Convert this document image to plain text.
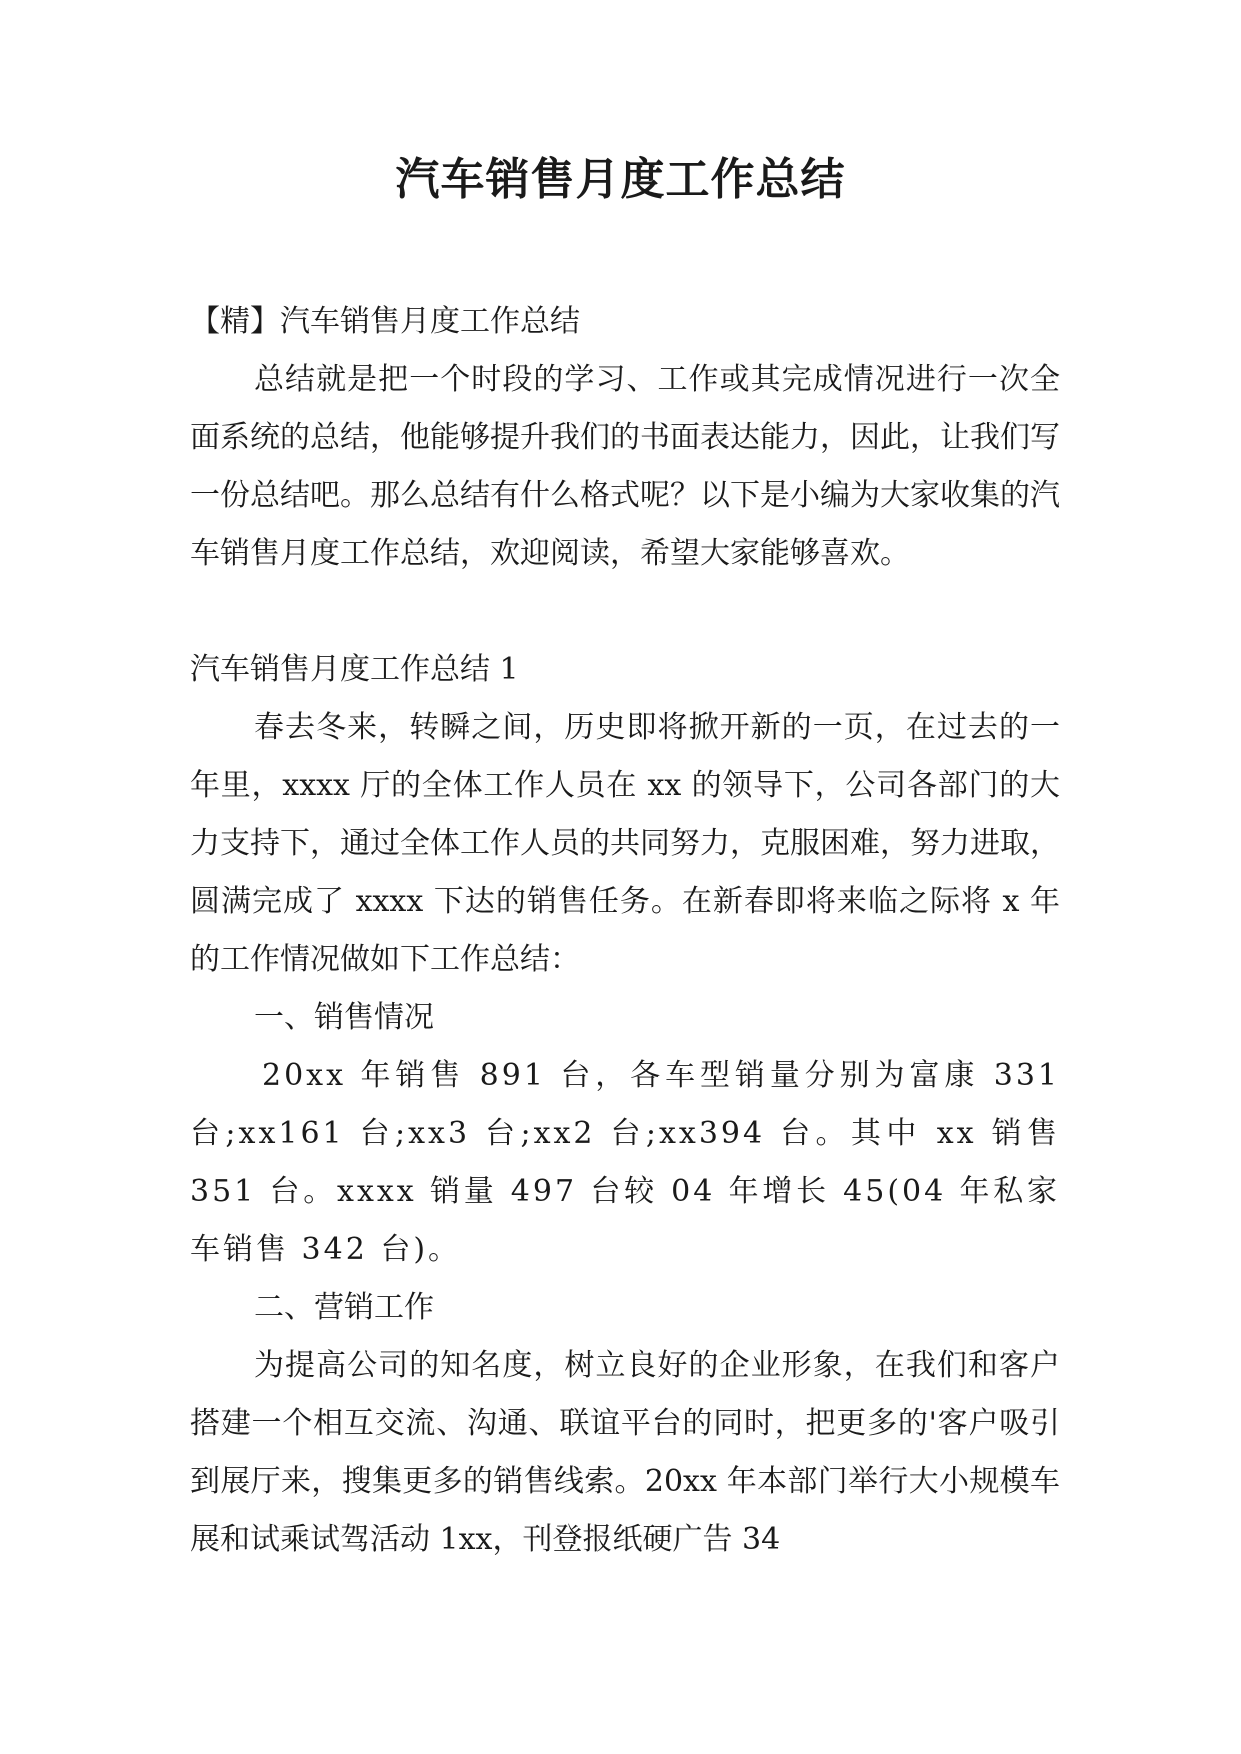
汽车销售月度工作总结

【精】汽车销售月度工作总结

总结就是把一个时段的学习、工作或其完成情况进行一次全面系统的总结，他能够提升我们的书面表达能力，因此，让我们写一份总结吧。那么总结有什么格式呢？以下是小编为大家收集的汽车销售月度工作总结，欢迎阅读，希望大家能够喜欢。

汽车销售月度工作总结 1

春去冬来，转瞬之间，历史即将掀开新的一页，在过去的一年里，xxxx 厅的全体工作人员在 xx 的领导下，公司各部门的大力支持下，通过全体工作人员的共同努力，克服困难，努力进取，圆满完成了 xxxx 下达的销售任务。在新春即将来临之际将 x 年的工作情况做如下工作总结：

一、销售情况

20xx 年销售 891 台，各车型销量分别为富康 331 台;xx161 台;xx3 台;xx2 台;xx394 台。其中 xx 销售 351 台。xxxx 销量 497 台较 04 年增长 45(04 年私家车销售 342 台)。

二、营销工作

为提高公司的知名度，树立良好的企业形象，在我们和客户搭建一个相互交流、沟通、联谊平台的同时，把更多的'客户吸引到展厅来，搜集更多的销售线索。20xx 年本部门举行大小规模车展和试乘试驾活动 1xx，刊登报纸硬广告 34
